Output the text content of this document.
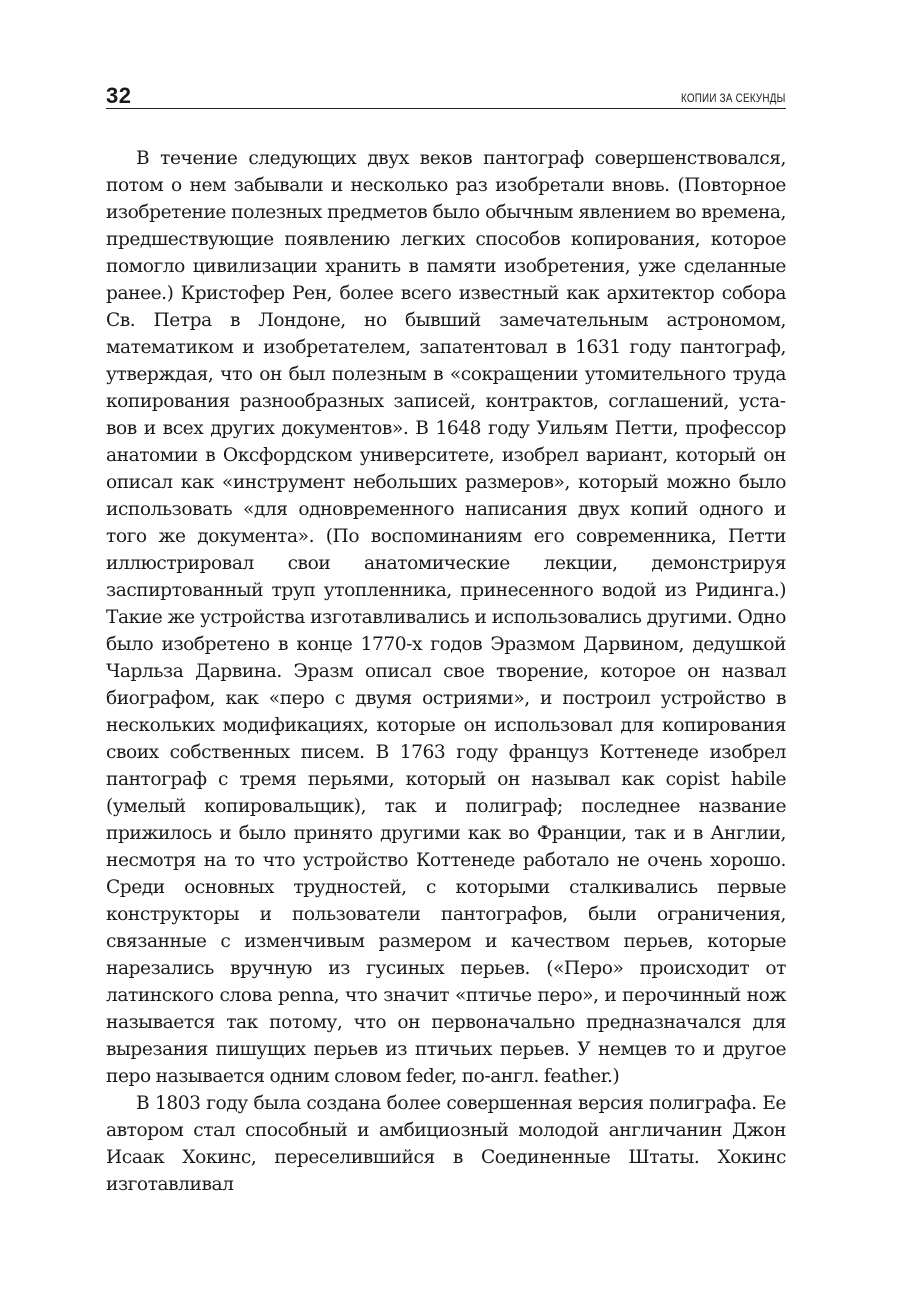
32	КОПИИ ЗА СЕКУНДЫ

В течение следующих двух веков пантограф совершенствовался, потом о нем забывали и несколько раз изобретали вновь. (Повторное изобретение полезных предметов было обычным явлением во времена, предшествующие появлению легких способов копирования, которое помогло цивилизации хранить в памяти изобретения, уже сделанные ранее.) Кристофер Рен, более всего известный как архитектор собора Св. Петра в Лондоне, но бывший замечательным астрономом, математиком и изобретателем, запатентовал в 1631 году пантограф, утверждая, что он был полезным в «сокращении утомительного труда копирования разнообразных записей, контрактов, соглашений, уставов и всех других документов». В 1648 году Уильям Петти, профессор анатомии в Оксфордском университете, изобрел вариант, который он описал как «инструмент небольших размеров», который можно было использовать «для одновременного написания двух копий одного и того же документа». (По воспоминаниям его современника, Петти иллюстрировал свои анатомические лекции, демонстрируя заспиртованный труп утопленника, принесенного водой из Ридинга.) Такие же устройства изготавливались и использовались другими. Одно было изобретено в конце 1770-х годов Эразмом Дарвином, дедушкой Чарльза Дарвина. Эразм описал свое творение, которое он назвал биографом, как «перо с двумя остриями», и построил устройство в нескольких модификациях, которые он использовал для копирования своих собственных писем. В 1763 году француз Коттенеде изобрел пантограф с тремя перьями, который он называл как copist habile (умелый копировальщик), так и полиграф; последнее название прижилось и было принято другими как во Франции, так и в Англии, несмотря на то что устройство Коттенеде работало не очень хорошо. Среди основных трудностей, с которыми сталкивались первые конструкторы и пользователи пантографов, были ограничения, связанные с изменчивым размером и качеством перьев, которые нарезались вручную из гусиных перьев. («Перо» происходит от латинского слова penna, что значит «птичье перо», и перочинный нож называется так потому, что он первоначально предназначался для вырезания пишущих перьев из птичьих перьев. У немцев то и другое перо называется одним словом feder, по-англ. feather.)

В 1803 году была создана более совершенная версия полиграфа. Ее автором стал способный и амбициозный молодой англичанин Джон Исаак Хокинс, переселившийся в Соединенные Штаты. Хокинс изготавливал
